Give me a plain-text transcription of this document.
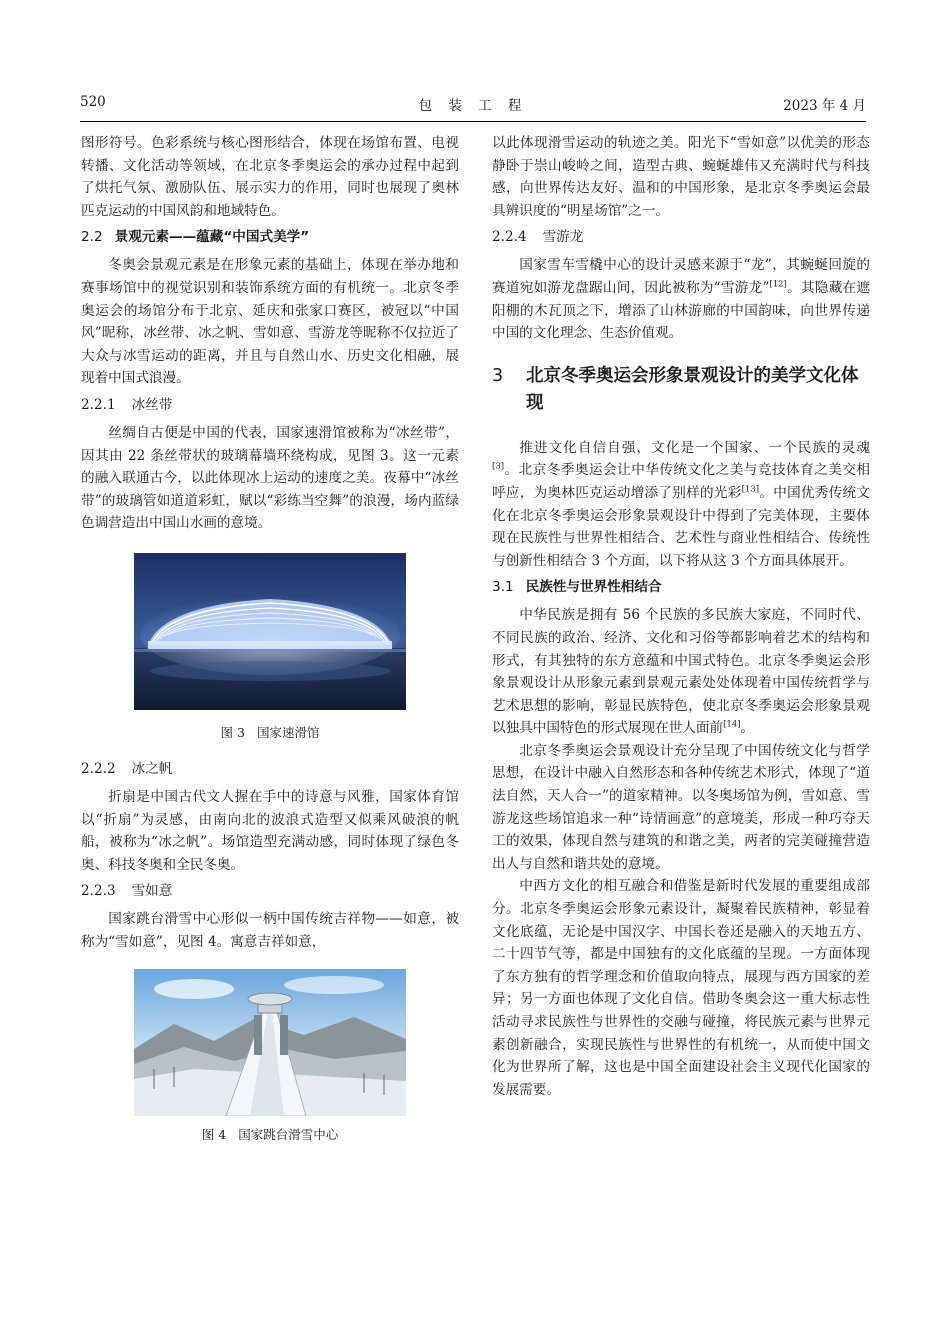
520	包 装 工 程	2023 年 4 月

图形符号。色彩系统与核心图形结合，体现在场馆布置、电视转播、文化活动等领域，在北京冬季奥运会的承办过程中起到了烘托气氛、激励队伍、展示实力的作用，同时也展现了奥林匹克运动的中国风韵和地域特色。

2.2 景观元素——蕴藏“中国式美学”

冬奥会景观元素是在形象元素的基础上，体现在举办地和赛事场馆中的视觉识别和装饰系统方面的有机统一。北京冬季奥运会的场馆分布于北京、延庆和张家口赛区，被冠以“中国风”昵称，冰丝带、冰之帆、雪如意、雪游龙等昵称不仅拉近了大众与冰雪运动的距离，并且与自然山水、历史文化相融，展现着中国式浪漫。

2.2.1 冰丝带

丝绸自古便是中国的代表，国家速滑馆被称为“冰丝带”，因其由 22 条丝带状的玻璃幕墙环绕构成，见图 3。这一元素的融入联通古今，以此体现冰上运动的速度之美。夜幕中“冰丝带”的玻璃管如道道彩虹，赋以“彩练当空舞”的浪漫，场内蓝绿色调营造出中国山水画的意境。

图 3 国家速滑馆
2.2.2 冰之帆

折扇是中国古代文人握在手中的诗意与风雅，国家体育馆以“折扇”为灵感，由南向北的波浪式造型又似乘风破浪的帆船，被称为“冰之帆”。场馆造型充满动感，同时体现了绿色冬奥、科技冬奥和全民冬奥。

2.2.3 雪如意

国家跳台滑雪中心形似一柄中国传统吉祥物——如意，被称为“雪如意”，见图 4。寓意吉祥如意，

图 4 国家跳台滑雪中心

以此体现滑雪运动的轨迹之美。阳光下“雪如意”以优美的形态静卧于崇山峻岭之间，造型古典、蜿蜒雄伟又充满时代与科技感，向世界传达友好、温和的中国形象，是北京冬季奥运会最具辨识度的“明星场馆”之一。

2.2.4 雪游龙

国家雪车雪橇中心的设计灵感来源于“龙”，其蜿蜒回旋的赛道宛如游龙盘踞山间，因此被称为“雪游龙”[12]。其隐藏在遮阳棚的木瓦顶之下，增添了山林游廊的中国韵味，向世界传递中国的文化理念、生态价值观。

3 北京冬季奥运会形象景观设计的美学文化体现

推进文化自信自强，文化是一个国家、一个民族的灵魂[3]。北京冬季奥运会让中华传统文化之美与竞技体育之美交相呼应，为奥林匹克运动增添了别样的光彩[13]。中国优秀传统文化在北京冬季奥运会形象景观设计中得到了完美体现，主要体现在民族性与世界性相结合、艺术性与商业性相结合、传统性与创新性相结合 3 个方面，以下将从这 3 个方面具体展开。

3.1 民族性与世界性相结合

中华民族是拥有 56 个民族的多民族大家庭，不同时代、不同民族的政治、经济、文化和习俗等都影响着艺术的结构和形式，有其独特的东方意蕴和中国式特色。北京冬季奥运会形象景观设计从形象元素到景观元素处处体现着中国传统哲学与艺术思想的影响，彰显民族特色，使北京冬季奥运会形象景观以独具中国特色的形式展现在世人面前[14]。

北京冬季奥运会景观设计充分呈现了中国传统文化与哲学思想，在设计中融入自然形态和各种传统艺术形式，体现了“道法自然，天人合一”的道家精神。以冬奥场馆为例，雪如意、雪游龙这些场馆追求一种“诗情画意”的意境美，形成一种巧夺天工的效果，体现自然与建筑的和谐之美，两者的完美碰撞营造出人与自然和谐共处的意境。

中西方文化的相互融合和借鉴是新时代发展的重要组成部分。北京冬季奥运会形象元素设计，凝聚着民族精神，彰显着文化底蕴，无论是中国汉字、中国长卷还是融入的天地五方、二十四节气等，都是中国独有的文化底蕴的呈现。一方面体现了东方独有的哲学理念和价值取向特点，展现与西方国家的差异；另一方面也体现了文化自信。借助冬奥会这一重大标志性活动寻求民族性与世界性的交融与碰撞，将民族元素与世界元素创新融合，实现民族性与世界性的有机统一，从而使中国文化为世界所了解，这也是中国全面建设社会主义现代化国家的发展需要。
